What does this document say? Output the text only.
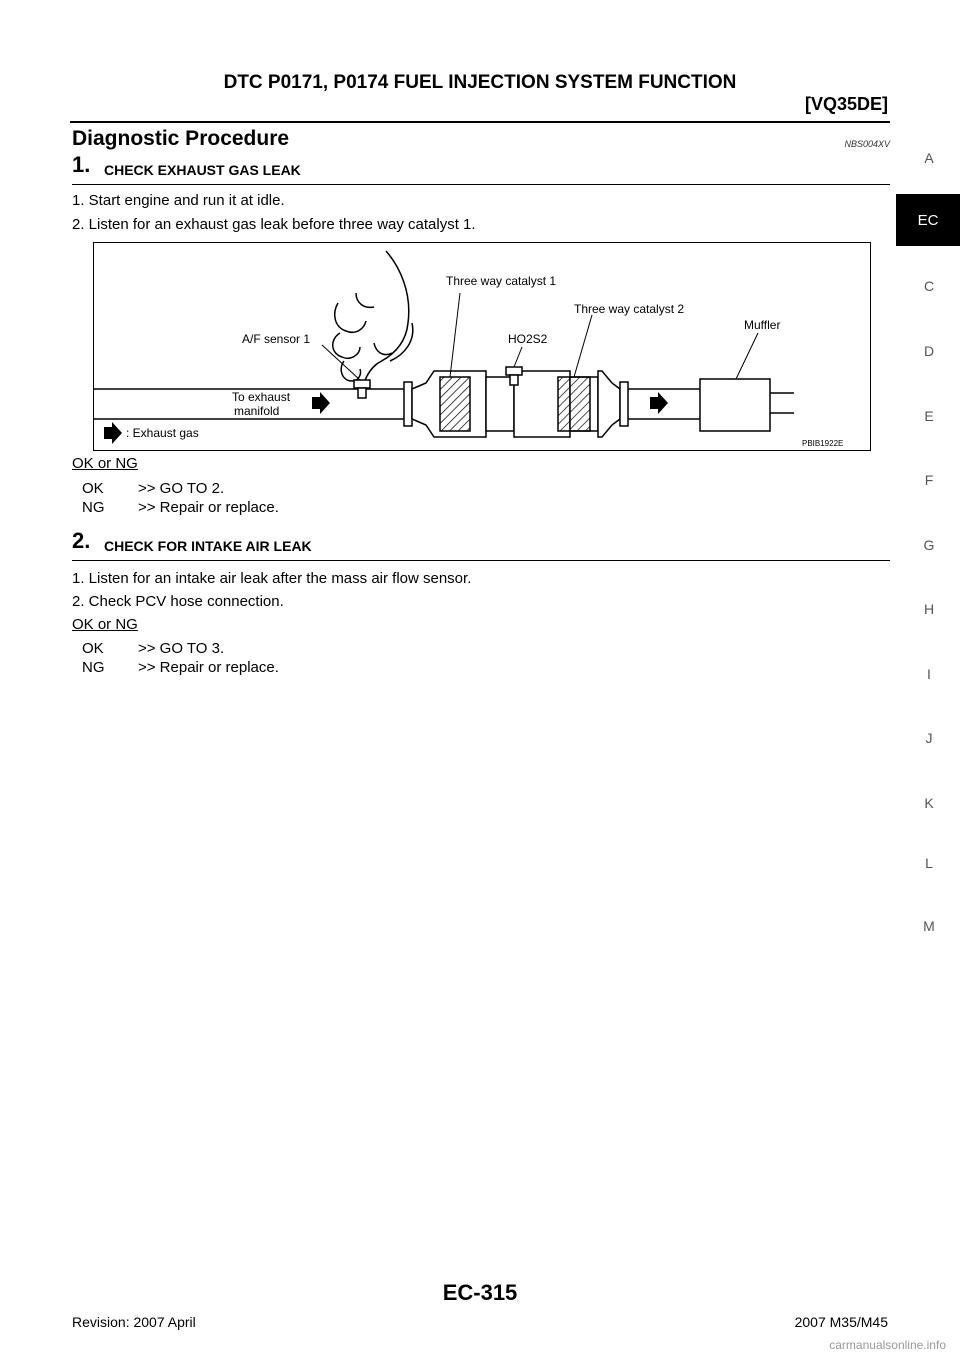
DTC P0171, P0174 FUEL INJECTION SYSTEM FUNCTION
[VQ35DE]
A
EC
C
D
E
F
G
H
I
J
K
L
M
Diagnostic Procedure	NBS004XV
1. CHECK EXHAUST GAS LEAK
1. Start engine and run it at idle.
2. Listen for an exhaust gas leak before three way catalyst 1.
Three way catalyst 1
Three way catalyst 2
Muffler
A/F sensor 1	HO2S2
To exhaust
manifold
: Exhaust gas
PBIB1922E
OK or NG
OK >> GO TO 2.
NG >> Repair or replace.
2. CHECK FOR INTAKE AIR LEAK
1. Listen for an intake air leak after the mass air flow sensor.
2. Check PCV hose connection.
OK or NG
OK >> GO TO 3.
NG >> Repair or replace.
EC-315
Revision: 2007 April	2007 M35/M45
carmanualsonline.info
